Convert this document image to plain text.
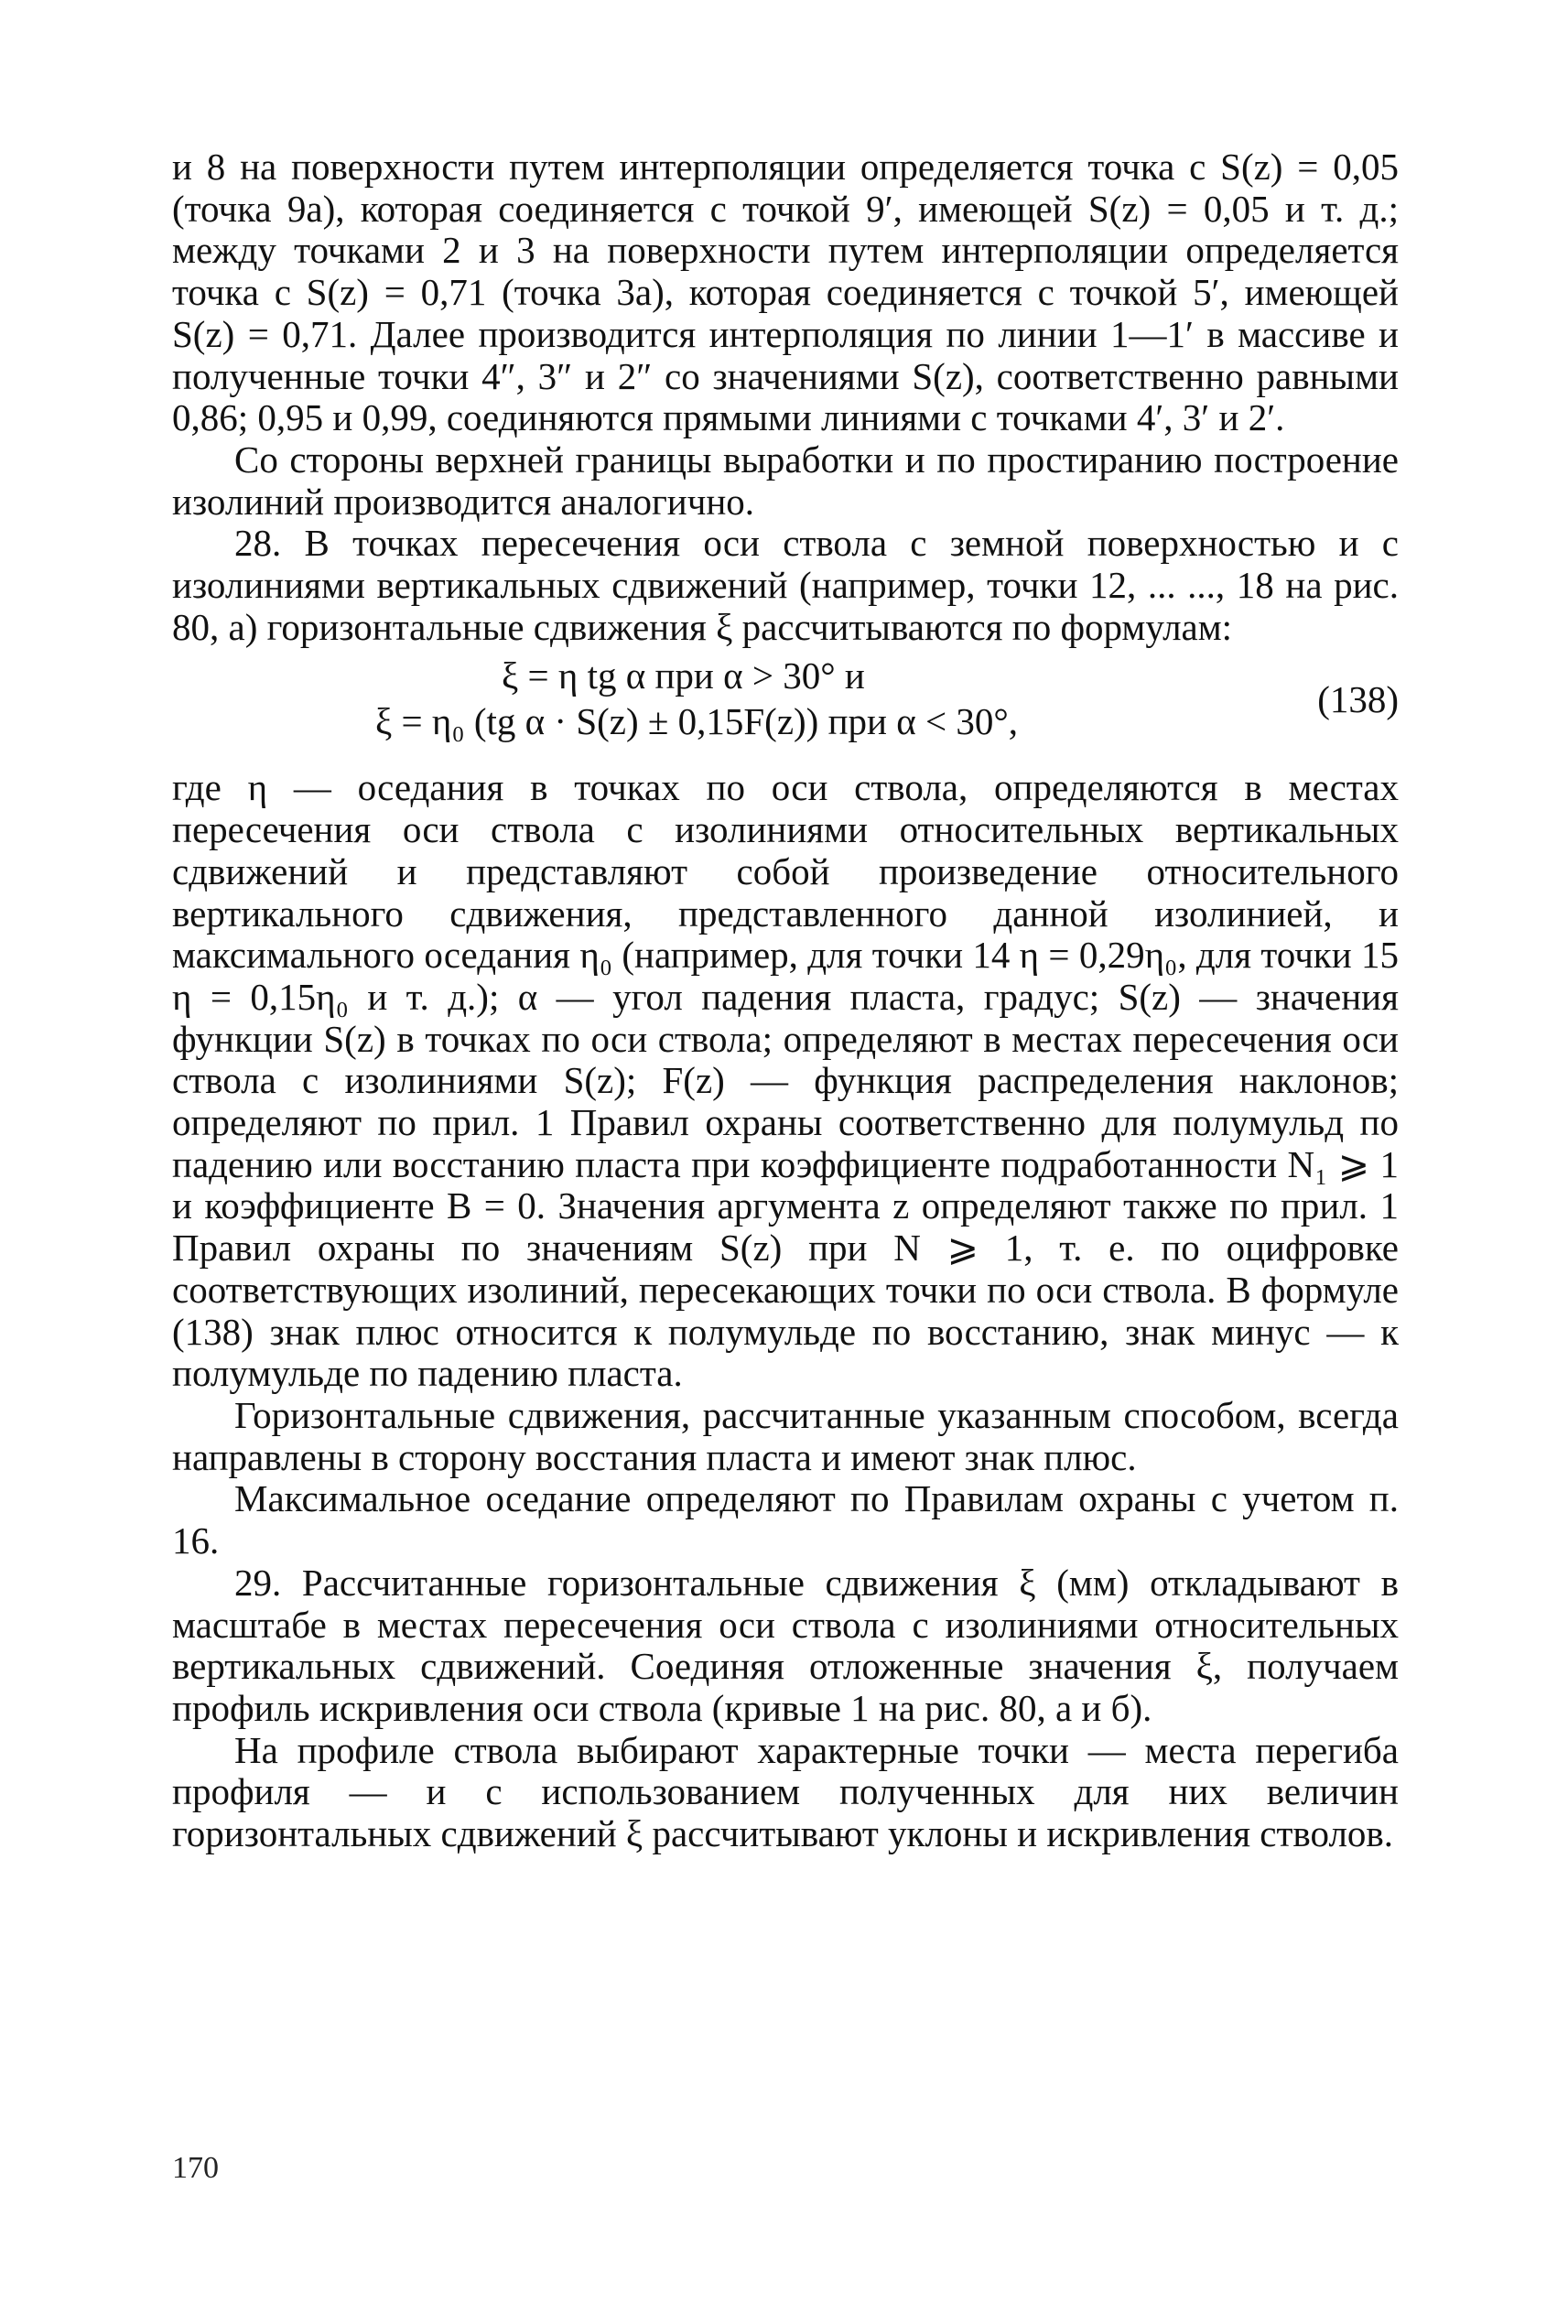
и 8 на поверхности путем интерполяции определяется точка с S(z) = 0,05 (точка 9а), которая соединяется с точкой 9′, имеющей S(z) = 0,05 и т. д.; между точками 2 и 3 на поверхности путем интерполяции определяется точка с S(z) = 0,71 (точка 3а), которая соединяется с точкой 5′, имеющей S(z) = 0,71. Далее производится интерполяция по линии 1—1′ в массиве и полученные точки 4″, 3″ и 2″ со значениями S(z), соответственно равными 0,86; 0,95 и 0,99, соединяются прямыми линиями с точками 4′, 3′ и 2′.

Со стороны верхней границы выработки и по простиранию построение изолиний производится аналогично.

28. В точках пересечения оси ствола с земной поверхностью и с изолиниями вертикальных сдвижений (например, точки 12, ... ..., 18 на рис. 80, а) горизонтальные сдвижения ξ рассчитываются по формулам:

ξ = η tg α при α > 30° и
ξ = η₀ (tg α · S(z) ± 0,15F(z)) при α < 30°,
(138)

где η — оседания в точках по оси ствола, определяются в местах пересечения оси ствола с изолиниями относительных вертикальных сдвижений и представляют собой произведение относительного вертикального сдвижения, представленного данной изолинией, и максимального оседания η₀ (например, для точки 14 η = 0,29η₀, для точки 15 η = 0,15η₀ и т. д.); α — угол падения пласта, градус; S(z) — значения функции S(z) в точках по оси ствола; определяют в местах пересечения оси ствола с изолиниями S(z); F(z) — функция распределения наклонов; определяют по прил. 1 Правил охраны соответственно для полумульд по падению или восстанию пласта при коэффициенте подработанности N₁ ⩾ 1 и коэффициенте B = 0. Значения аргумента z определяют также по прил. 1 Правил охраны по значениям S(z) при N ⩾ 1, т. е. по оцифровке соответствующих изолиний, пересекающих точки по оси ствола. В формуле (138) знак плюс относится к полумульде по восстанию, знак минус — к полумульде по падению пласта.

Горизонтальные сдвижения, рассчитанные указанным способом, всегда направлены в сторону восстания пласта и имеют знак плюс.

Максимальное оседание определяют по Правилам охраны с учетом п. 16.

29. Рассчитанные горизонтальные сдвижения ξ (мм) откладывают в масштабе в местах пересечения оси ствола с изолиниями относительных вертикальных сдвижений. Соединяя отложенные значения ξ, получаем профиль искривления оси ствола (кривые 1 на рис. 80, а и б).

На профиле ствола выбирают характерные точки — места перегиба профиля — и с использованием полученных для них величин горизонтальных сдвижений ξ рассчитывают уклоны и искривления стволов.

170
